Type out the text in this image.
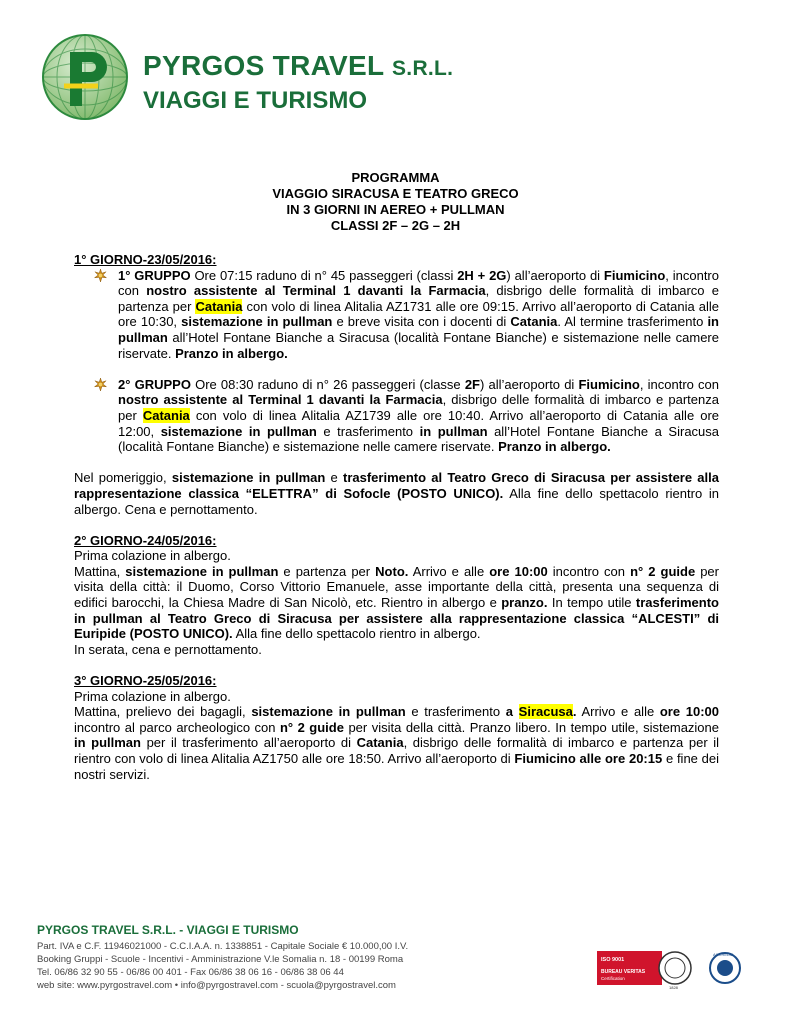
PYRGOS TRAVEL S.R.L.
VIAGGI E TURISMO
PROGRAMMA
VIAGGIO SIRACUSA E TEATRO GRECO
IN 3 GIORNI IN AEREO + PULLMAN
CLASSI 2F – 2G – 2H
1° GIORNO-23/05/2016:
1° GRUPPO Ore 07:15 raduno di n° 45 passeggeri (classi 2H + 2G) all’aeroporto di Fiumicino, incontro con nostro assistente al Terminal 1 davanti la Farmacia, disbrigo delle formalità di imbarco e partenza per Catania con volo di linea Alitalia AZ1731 alle ore 09:15. Arrivo all’aeroporto di Catania alle ore 10:30, sistemazione in pullman e breve visita con i docenti di Catania. Al termine trasferimento in pullman all’Hotel Fontane Bianche a Siracusa (località Fontane Bianche) e sistemazione nelle camere riservate. Pranzo in albergo.
2° GRUPPO Ore 08:30 raduno di n° 26 passeggeri (classe 2F) all’aeroporto di Fiumicino, incontro con nostro assistente al Terminal 1 davanti la Farmacia, disbrigo delle formalità di imbarco e partenza per Catania con volo di linea Alitalia AZ1739 alle ore 10:40. Arrivo all’aeroporto di Catania alle ore 12:00, sistemazione in pullman e trasferimento in pullman all’Hotel Fontane Bianche a Siracusa (località Fontane Bianche) e sistemazione nelle camere riservate. Pranzo in albergo.
Nel pomeriggio, sistemazione in pullman e trasferimento al Teatro Greco di Siracusa per assistere alla rappresentazione classica “ELETTRA” di Sofocle (POSTO UNICO). Alla fine dello spettacolo rientro in albergo. Cena e pernottamento.
2° GIORNO-24/05/2016:
Prima colazione in albergo.
Mattina, sistemazione in pullman e partenza per Noto. Arrivo e alle ore 10:00 incontro con n° 2 guide per visita della città: il Duomo, Corso Vittorio Emanuele, asse importante della città, presenta una sequenza di edifici barocchi, la Chiesa Madre di San Nicolò, etc. Rientro in albergo e pranzo. In tempo utile trasferimento in pullman al Teatro Greco di Siracusa per assistere alla rappresentazione classica “ALCESTI” di Euripide (POSTO UNICO). Alla fine dello spettacolo rientro in albergo.
In serata, cena e pernottamento.
3° GIORNO-25/05/2016:
Prima colazione in albergo.
Mattina, prelievo dei bagagli, sistemazione in pullman e trasferimento a Siracusa. Arrivo e alle ore 10:00 incontro al parco archeologico con n° 2 guide per visita della città. Pranzo libero. In tempo utile, sistemazione in pullman per il trasferimento all’aeroporto di Catania, disbrigo delle formalità di imbarco e partenza per il rientro con volo di linea Alitalia AZ1750 alle ore 18:50. Arrivo all’aeroporto di Fiumicino alle ore 20:15 e fine dei nostri servizi.
PYRGOS TRAVEL S.R.L. - VIAGGI E TURISMO
Part. IVA e C.F. 11946021000 - C.C.I.A.A. n. 1338851 - Capitale Sociale € 10.000,00 I.V.
Booking Gruppi - Scuole - Incentivi - Amministrazione V.le Somalia n. 18 - 00199 Roma
Tel. 06/86 32 90 55 - 06/86 00 401 - Fax 06/86 38 06 16 - 06/86 38 06 44
web site: www.pyrgostravel.com • info@pyrgostravel.com - scuola@pyrgostravel.com
ISO 9001
BUREAU VERITAS
Certification
1828
ACCREDIA
